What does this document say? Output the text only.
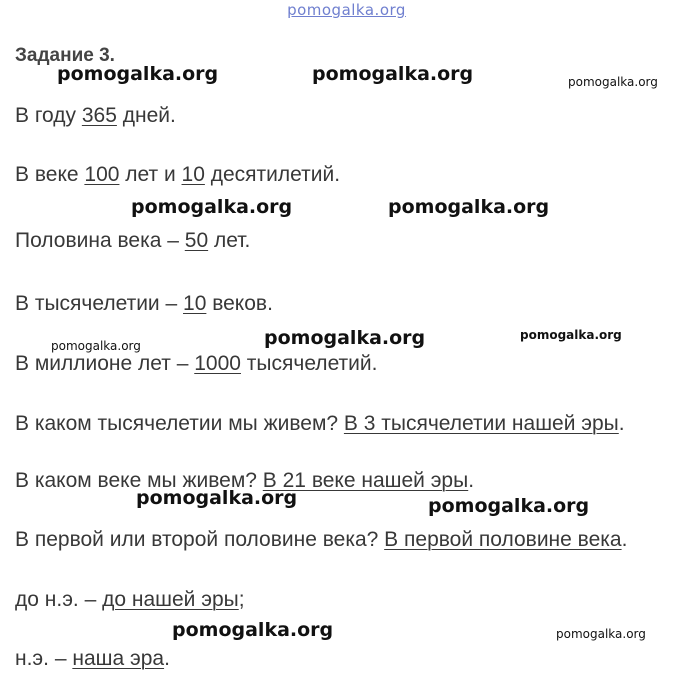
pomogalka.org
Задание 3.
В году 365 дней.
В веке 100 лет и 10 десятилетий.
Половина века – 50 лет.
В тысячелетии – 10 веков.
В миллионе лет – 1000 тысячелетий.
В каком тысячелетии мы живем? В 3 тысячелетии нашей эры.
В каком веке мы живем? В 21 веке нашей эры.
В первой или второй половине века? В первой половине века.
до н.э. – до нашей эры;
н.э. – наша эра.
pomogalka.org	pomogalka.org	pomogalka.org
pomogalka.org	pomogalka.org
pomogalka.org	pomogalka.org
pomogalka.org
pomogalka.org	pomogalka.org
pomogalka.org	pomogalka.org
